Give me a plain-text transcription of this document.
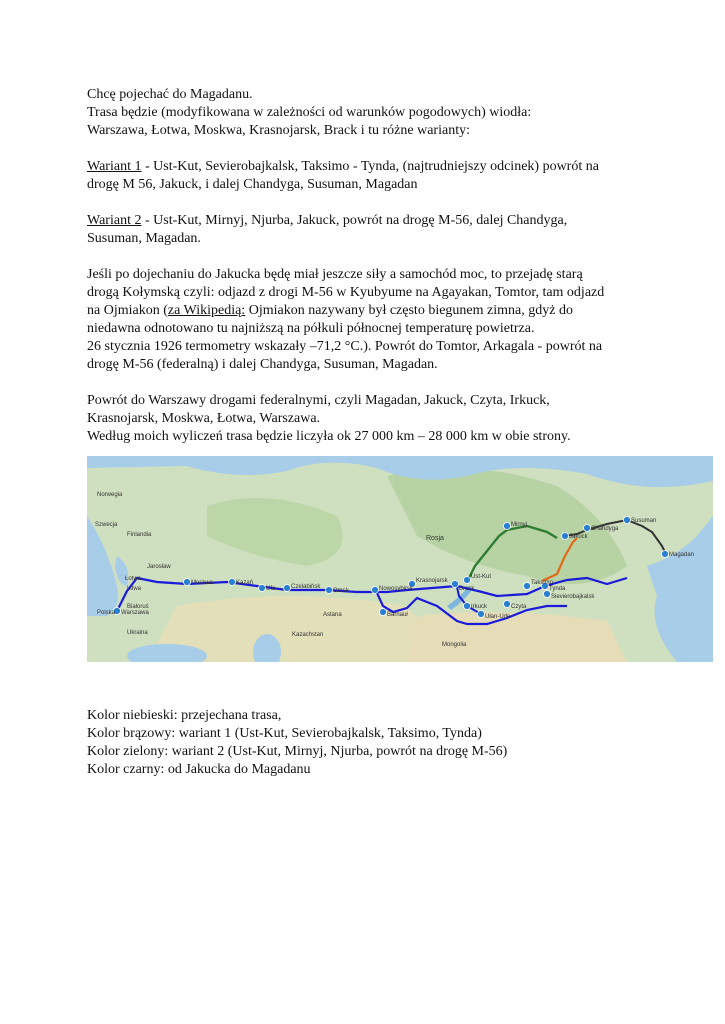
Chcę pojechać do Magadanu.

Trasa będzie (modyfikowana w zależności od warunków pogodowych) wiodła:

Warszawa, Łotwa, Moskwa, Krasnojarsk, Brack i tu różne warianty:

Wariant 1 - Ust-Kut, Sevierobajkalsk, Taksimo - Tynda, (najtrudniejszy odcinek) powrót na

drogę M 56, Jakuck, i dalej Chandyga, Susuman, Magadan

Wariant 2 - Ust-Kut, Mirnyj, Njurba, Jakuck, powrót na drogę M-56, dalej Chandyga,

Susuman, Magadan.

Jeśli po dojechaniu do Jakucka będę miał jeszcze siły a samochód moc, to przejadę starą

drogą Kołymską czyli: odjazd z drogi M-56 w Kyubyume na Agayakan, Tomtor, tam odjazd

na Ojmiakon (za Wikipedią: Ojmiakon nazywany był często biegunem zimna, gdyż do

niedawna odnotowano tu najniższą na półkuli północnej temperaturę powietrza.

26 stycznia 1926 termometry wskazały –71,2 °C.). Powrót do Tomtor, Arkagala - powrót na

drogę M-56 (federalną) i dalej Chandyga, Susuman, Magadan.

Powrót do Warszawy drogami federalnymi, czyli Magadan, Jakuck, Czyta, Irkuck,

Krasnojarsk, Moskwa, Łotwa, Warszawa.

Według moich wyliczeń trasa będzie liczyła ok 27 000 km – 28 000 km w obie strony.

Rosja
Kazachstan
Mongolia
Polska
Białoruś
Ukraina
Litwa
Łotwa
Finlandia
Szwecja
Norwegia
Warszawa
Moskwa	Kazań
Ufa	Czelabińsk
Omsk	Nowosybirsk
Barnauł
Krasnojarsk
Brack
Irkuck
Ułan-Ude
Czyta
Tynda
Jakuck
Chandyga
Susuman
Magadan
Mirnyj
Ust-Kut
Taksimo
Sievierobajkalsk
Jarosław
Astana

Kolor niebieski: przejechana trasa,

Kolor brązowy: wariant 1 (Ust-Kut, Sevierobajkalsk, Taksimo, Tynda)

Kolor zielony: wariant 2 (Ust-Kut, Mirnyj, Njurba, powrót na drogę M-56)

Kolor czarny: od Jakucka do Magadanu
